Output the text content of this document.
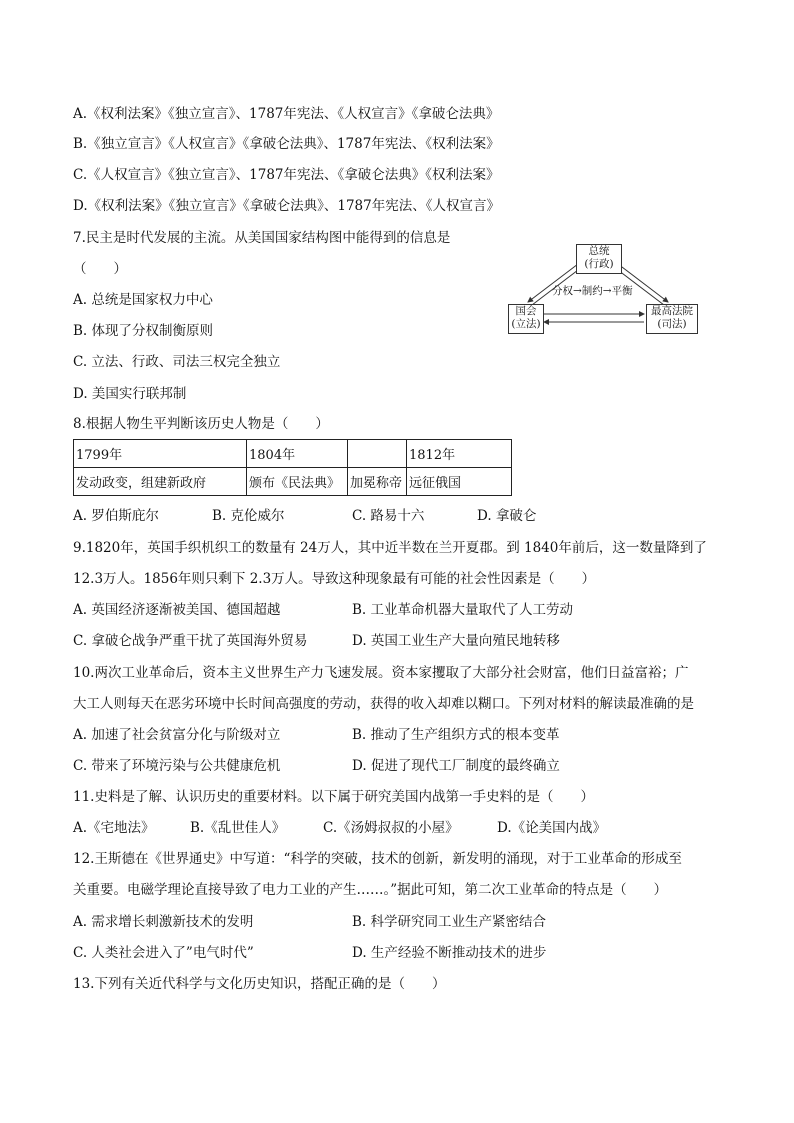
A.《权利法案》《独立宣言》、1787年宪法、《人权宣言》《拿破仑法典》
B.《独立宣言》《人权宣言》《拿破仑法典》、1787年宪法、《权利法案》
C.《人权宣言》《独立宣言》、1787年宪法、《拿破仑法典》《权利法案》
D.《权利法案》《独立宣言》《拿破仑法典》、1787年宪法、《人权宣言》
7.民主是时代发展的主流。从美国国家结构图中能得到的信息是
（　　）
A. 总统是国家权力中心
B. 体现了分权制衡原则
C. 立法、行政、司法三权完全独立
D. 美国实行联邦制
总统
(行政)
国会
(立法)
最高法院
(司法)
分权→制约→平衡
8.根据人物生平判断该历史人物是（　　）
1799年	1804年		1812年
发动政变，组建新政府	颁布《民法典》	加冕称帝	远征俄国
A. 罗伯斯庇尔	B. 克伦威尔	C. 路易十六	D. 拿破仑
9.1820年，英国手织机织工的数量有 24万人，其中近半数在兰开夏郡。到 1840年前后，这一数量降到了
12.3万人。1856年则只剩下 2.3万人。导致这种现象最有可能的社会性因素是（　　）
A. 英国经济逐渐被美国、德国超越	B. 工业革命机器大量取代了人工劳动
C. 拿破仑战争严重干扰了英国海外贸易	D. 英国工业生产大量向殖民地转移
10.两次工业革命后，资本主义世界生产力飞速发展。资本家攫取了大部分社会财富，他们日益富裕；广
大工人则每天在恶劣环境中长时间高强度的劳动，获得的收入却难以糊口。下列对材料的解读最准确的是
A. 加速了社会贫富分化与阶级对立	B. 推动了生产组织方式的根本变革
C. 带来了环境污染与公共健康危机	D. 促进了现代工厂制度的最终确立
11.史料是了解、认识历史的重要材料。以下属于研究美国内战第一手史料的是（　　）
A.《宅地法》	B.《乱世佳人》	C.《汤姆叔叔的小屋》	D.《论美国内战》
12.王斯德在《世界通史》中写道：“科学的突破，技术的创新，新发明的涌现，对于工业革命的形成至
关重要。电磁学理论直接导致了电力工业的产生……。”据此可知，第二次工业革命的特点是（　　）
A. 需求增长刺激新技术的发明	B. 科学研究同工业生产紧密结合
C. 人类社会进入了”电气时代”	D. 生产经验不断推动技术的进步
13.下列有关近代科学与文化历史知识，搭配正确的是（　　）
